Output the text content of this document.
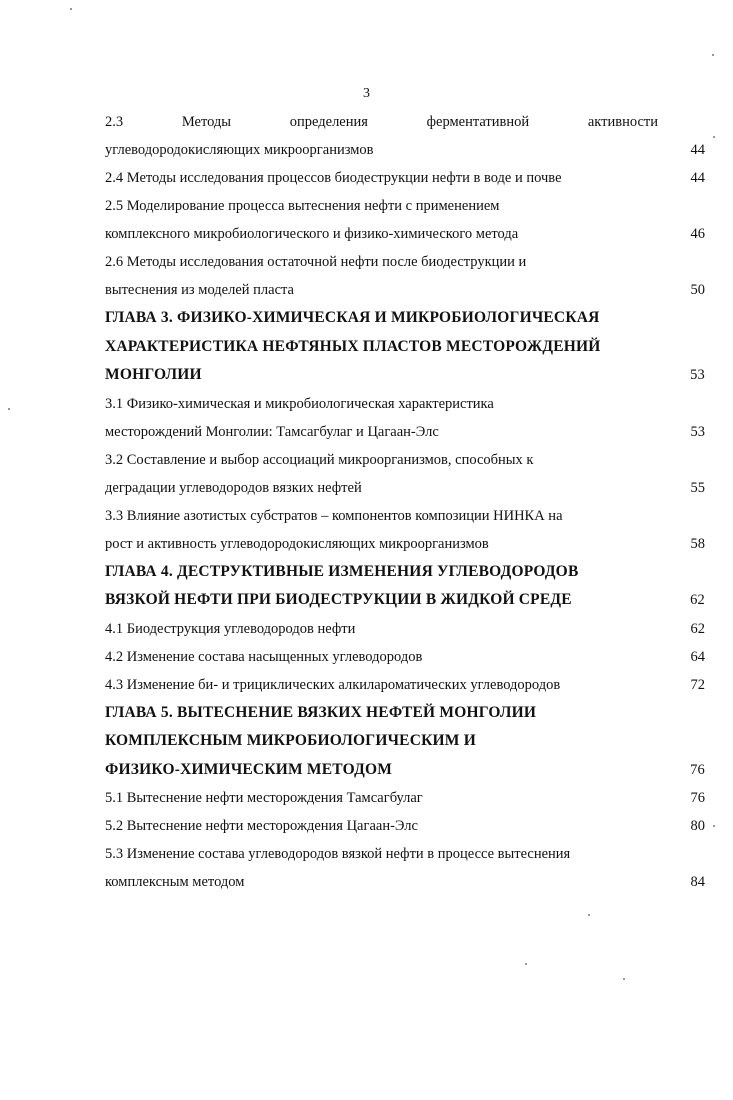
3
2.3	Методы	определения	ферментативной	активности
углеводородокисляющих микроорганизмов	44
2.4 Методы исследования процессов биодеструкции нефти в воде и почве	44
2.5 Моделирование процесса вытеснения нефти с применением
комплексного микробиологического и физико-химического метода	46
2.6 Методы исследования остаточной нефти после биодеструкции и
вытеснения из моделей пласта	50
ГЛАВА 3. ФИЗИКО-ХИМИЧЕСКАЯ И МИКРОБИОЛОГИЧЕСКАЯ
ХАРАКТЕРИСТИКА НЕФТЯНЫХ ПЛАСТОВ МЕСТОРОЖДЕНИЙ
МОНГОЛИИ	53
3.1 Физико-химическая и микробиологическая характеристика
месторождений Монголии: Тамсагбулаг и Цагаан-Элс	53
3.2 Составление и выбор ассоциаций микроорганизмов, способных к
деградации углеводородов вязких нефтей	55
3.3 Влияние азотистых субстратов – компонентов композиции НИНКА на
рост и активность углеводородокисляющих микроорганизмов	58
ГЛАВА 4. ДЕСТРУКТИВНЫЕ ИЗМЕНЕНИЯ УГЛЕВОДОРОДОВ
ВЯЗКОЙ НЕФТИ ПРИ БИОДЕСТРУКЦИИ В ЖИДКОЙ СРЕДЕ	62
4.1 Биодеструкция углеводородов нефти	62
4.2 Изменение состава насыщенных углеводородов	64
4.3 Изменение би- и трициклических алкилароматических углеводородов	72
ГЛАВА 5. ВЫТЕСНЕНИЕ ВЯЗКИХ НЕФТЕЙ МОНГОЛИИ
КОМПЛЕКСНЫМ МИКРОБИОЛОГИЧЕСКИМ И
ФИЗИКО-ХИМИЧЕСКИМ МЕТОДОМ	76
5.1 Вытеснение нефти месторождения Тамсагбулаг	76
5.2 Вытеснение нефти месторождения Цагаан-Элс	80
5.3 Изменение состава углеводородов вязкой нефти в процессе вытеснения
комплексным методом	84
